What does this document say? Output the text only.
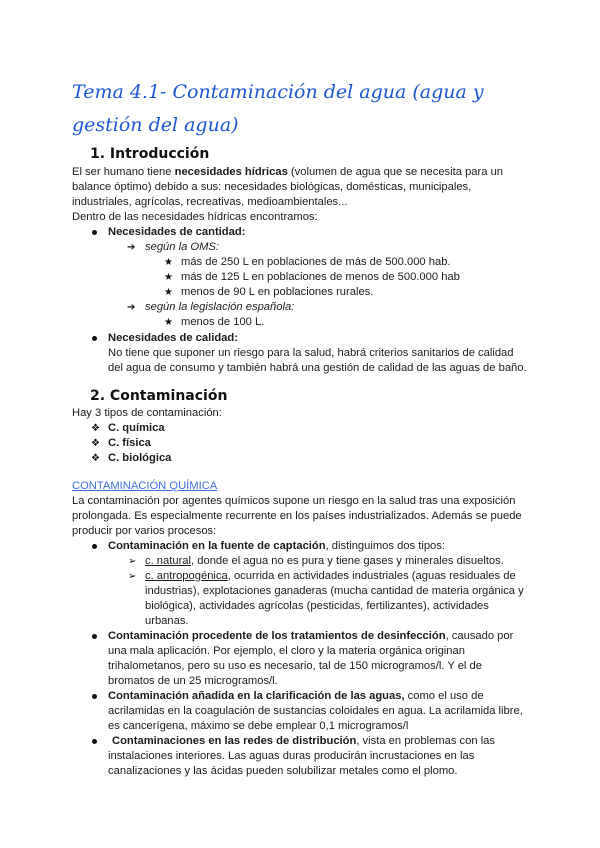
Tema 4.1- Contaminación del agua (agua y gestión del agua)
1. Introducción
El ser humano tiene necesidades hídricas (volumen de agua que se necesita para un
balance óptimo) debido a sus: necesidades biológicas, domésticas, municipales,
industriales, agrícolas, recreativas, medioambientales...
Dentro de las necesidades hídricas encontramos:
Necesidades de cantidad:
➔ según la OMS:
★ más de 250 L en poblaciones de más de 500.000 hab.
★ más de 125 L en poblaciones de menos de 500.000 hab
★ menos de 90 L en poblaciones rurales.
➔ según la legislación española:
★ menos de 100 L.
Necesidades de calidad:
No tiene que suponer un riesgo para la salud, habrá criterios sanitarios de calidad
del agua de consumo y también habrá una gestión de calidad de las aguas de baño.
2. Contaminación
Hay 3 tipos de contaminación:
❖ C. química
❖ C. física
❖ C. biológica
CONTAMINACIÓN QUÍMICA
La contaminación por agentes químicos supone un riesgo en la salud tras una exposición
prolongada. Es especialmente recurrente en los países industrializados. Además se puede
producir por varios procesos:
Contaminación en la fuente de captación, distinguimos dos tipos:
➢ c. natural, donde el agua no es pura y tiene gases y minerales disueltos.
➢ c. antropogénica, ocurrida en actividades industriales (aguas residuales de
industrias), explotaciones ganaderas (mucha cantidad de materia orgánica y
biológica), actividades agrícolas (pesticidas, fertilizantes), actividades
urbanas.
Contaminación procedente de los tratamientos de desinfección, causado por
una mala aplicación. Por ejemplo, el cloro y la materia orgánica originan
trihalometanos, pero su uso es necesario, tal de 150 microgramos/l. Y el de
bromatos de un 25 microgramos/l.
Contaminación añadida en la clarificación de las aguas, como el uso de
acrilamidas en la coagulación de sustancias coloidales en agua. La acrilamida libre,
es cancerígena, máximo se debe emplear 0,1 microgramos/l
Contaminaciones en las redes de distribución, vista en problemas con las
instalaciones interiores. Las aguas duras producirán incrustaciones en las
canalizaciones y las ácidas pueden solubilizar metales como el plomo.
